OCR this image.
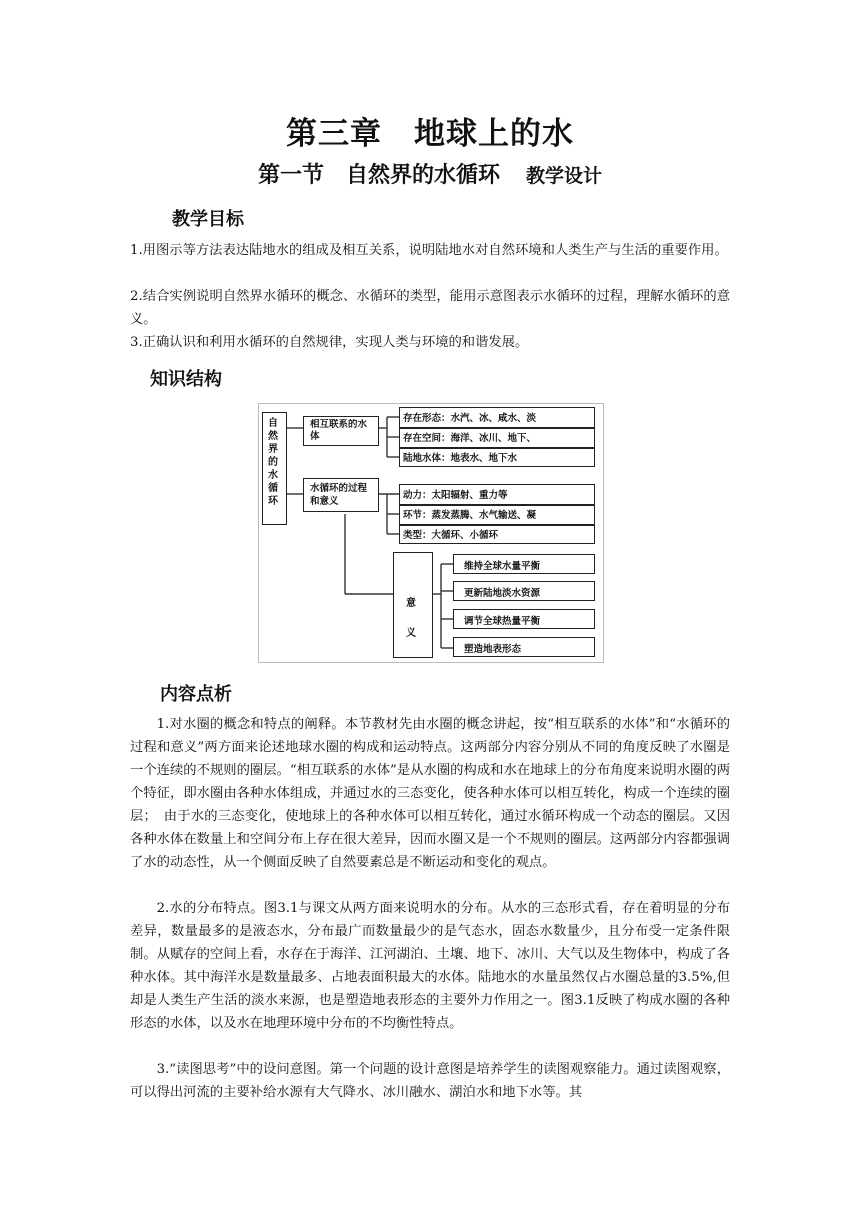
第三章　地球上的水
第一节　自然界的水循环 教学设计
教学目标

1.用图示等方法表达陆地水的组成及相互关系，说明陆地水对自然环境和人类生产与生活的重要作用。

2.结合实例说明自然界水循环的概念、水循环的类型，能用示意图表示水循环的过程，理解水循环的意义。

3.正确认识和利用水循环的自然规律，实现人类与环境的和谐发展。

知识结构
自然界的水循环
相互联系的水体
存在形态：水汽、冰、咸水、淡
存在空间：海洋、冰川、地下、
陆地水体：地表水、地下水
水循环的过程和意义
动力：太阳辐射、重力等
环节：蒸发蒸腾、水气输送、凝
类型：大循环、小循环
意义
维持全球水量平衡
更新陆地淡水资源
调节全球热量平衡
塑造地表形态
内容点析

1.对水圈的概念和特点的阐释。本节教材先由水圈的概念讲起，按“相互联系的水体”和“水循环的过程和意义”两方面来论述地球水圈的构成和运动特点。这两部分内容分别从不同的角度反映了水圈是一个连续的不规则的圈层。“相互联系的水体”是从水圈的构成和水在地球上的分布角度来说明水圈的两个特征，即水圈由各种水体组成，并通过水的三态变化，使各种水体可以相互转化，构成一个连续的圈层；　由于水的三态变化，使地球上的各种水体可以相互转化，通过水循环构成一个动态的圈层。又因各种水体在数量上和空间分布上存在很大差异，因而水圈又是一个不规则的圈层。这两部分内容都强调了水的动态性，从一个侧面反映了自然要素总是不断运动和变化的观点。

2.水的分布特点。图3.1与课文从两方面来说明水的分布。从水的三态形式看，存在着明显的分布差异，数量最多的是液态水，分布最广而数量最少的是气态水，固态水数量少，且分布受一定条件限制。从赋存的空间上看，水存在于海洋、江河湖泊、土壤、地下、冰川、大气以及生物体中，构成了各种水体。其中海洋水是数量最多、占地表面积最大的水体。陆地水的水量虽然仅占水圈总量的3.5%,但却是人类生产生活的淡水来源，也是塑造地表形态的主要外力作用之一。图3.1反映了构成水圈的各种形态的水体，以及水在地理环境中分布的不均衡性特点。

3.“读图思考”中的设问意图。第一个问题的设计意图是培养学生的读图观察能力。通过读图观察，可以得出河流的主要补给水源有大气降水、冰川融水、湖泊水和地下水等。其
